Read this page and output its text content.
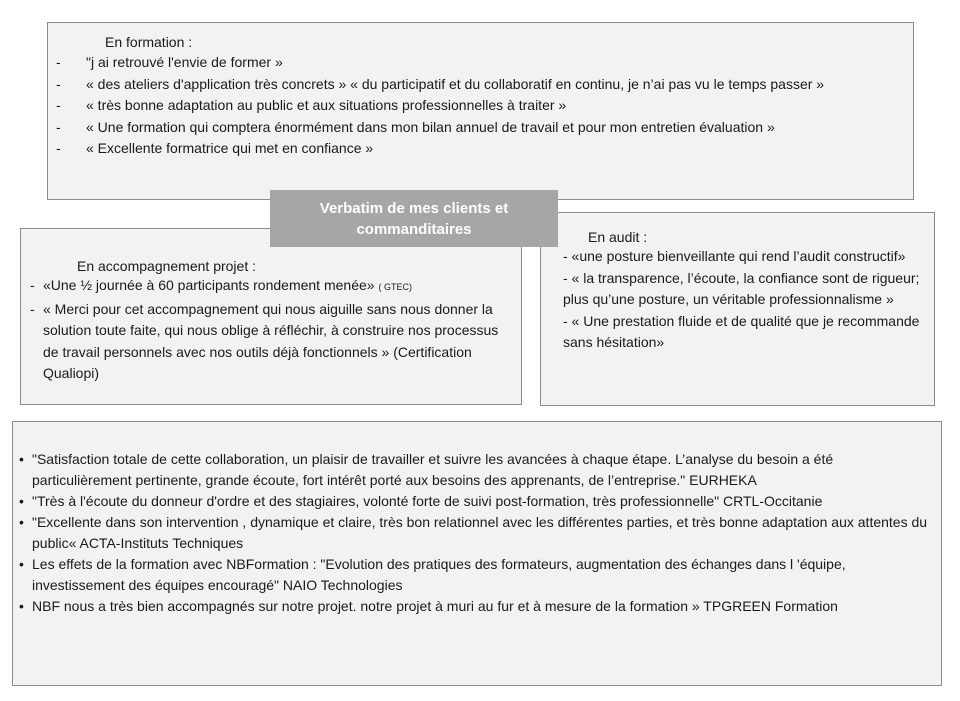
En formation :
- "j ai retrouvé l'envie de former »
- « des ateliers d'application très concrets » « du participatif et du collaboratif en continu, je n’ai pas vu le temps passer »
- « très bonne adaptation au public et aux situations professionnelles à traiter »
- « Une formation qui comptera énormément dans mon bilan annuel de travail et pour mon entretien évaluation »
- « Excellente formatrice qui met en confiance »
En accompagnement projet :
- «Une ½ journée à 60 participants rondement menée» ( GTEC)
- « Merci pour cet accompagnement qui nous aiguille sans nous donner la solution toute faite, qui nous oblige à réfléchir, à construire nos processus de travail personnels avec nos outils déjà fonctionnels » (Certification Qualiopi)
En audit :
- «une posture bienveillante qui rend l’audit constructif»
- « la transparence, l’écoute, la confiance sont de rigueur; plus qu’une posture, un véritable professionnalisme »
- « Une prestation fluide et de qualité que je recommande sans hésitation»
Verbatim de mes clients et
commanditaires
• "Satisfaction totale de cette collaboration, un plaisir de travailler et suivre les avancées à chaque étape. L’analyse du besoin a été particulièrement pertinente, grande écoute, fort intérêt porté aux besoins des apprenants, de l’entreprise." EURHEKA
• "Très à l'écoute du donneur d'ordre et des stagiaires, volonté forte de suivi post-formation, très professionnelle" CRTL-Occitanie
• "Excellente dans son intervention , dynamique et claire, très bon relationnel avec les différentes parties, et très bonne adaptation aux attentes du public« ACTA-Instituts Techniques
• Les effets de la formation avec NBFormation : "Evolution des pratiques des formateurs, augmentation des échanges dans l 'équipe, investissement des équipes encouragé" NAIO Technologies
• NBF nous a très bien accompagnés sur notre projet. notre projet à muri au fur et à mesure de la formation » TPGREEN Formation
